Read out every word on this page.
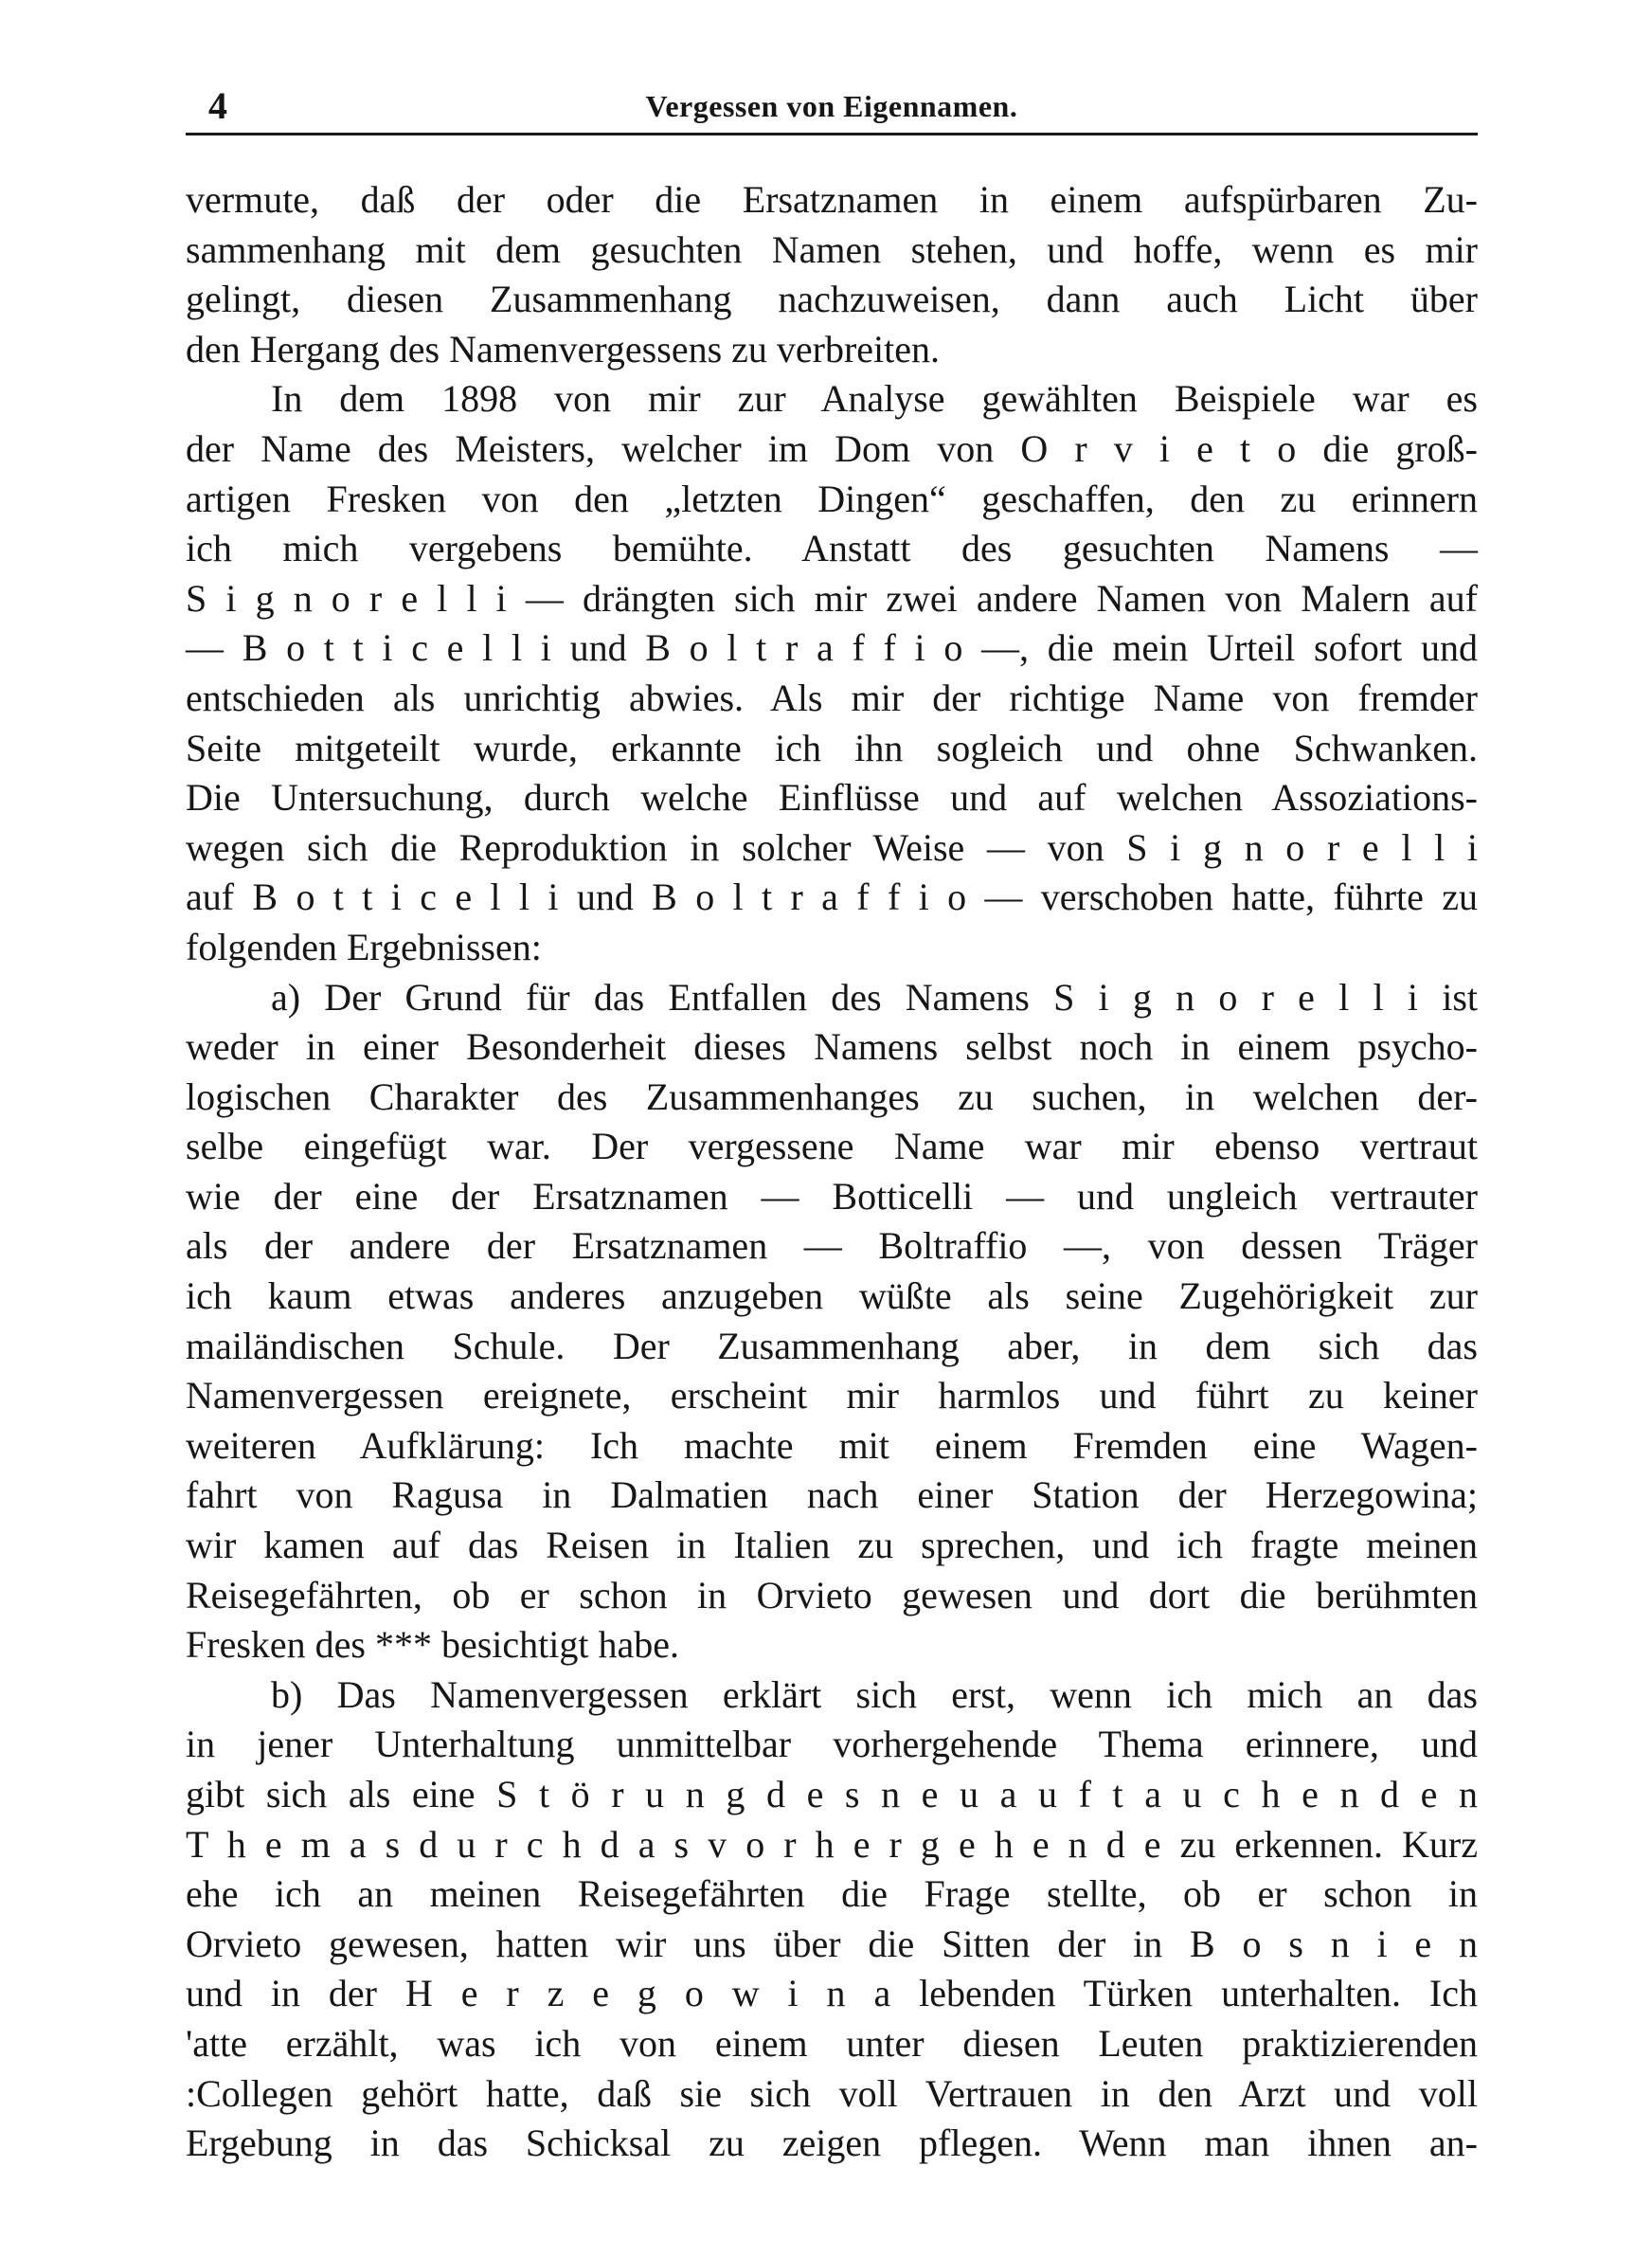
4	Vergessen von Eigennamen.
vermute, daß der oder die Ersatznamen in einem aufspürbaren Zu-
sammenhang mit dem gesuchten Namen stehen, und hoffe, wenn es mir
gelingt, diesen Zusammenhang nachzuweisen, dann auch Licht über
den Hergang des Namenvergessens zu verbreiten.
In dem 1898 von mir zur Analyse gewählten Beispiele war es
der Name des Meisters, welcher im Dom von O r v i e t o die groß-
artigen Fresken von den „letzten Dingen“ geschaffen, den zu erinnern
ich mich vergebens bemühte. Anstatt des gesuchten Namens —
S i g n o r e l l i — drängten sich mir zwei andere Namen von Malern auf
— B o t t i c e l l i und B o l t r a f f i o —, die mein Urteil sofort und
entschieden als unrichtig abwies. Als mir der richtige Name von fremder
Seite mitgeteilt wurde, erkannte ich ihn sogleich und ohne Schwanken.
Die Untersuchung, durch welche Einflüsse und auf welchen Assoziations-
wegen sich die Reproduktion in solcher Weise — von S i g n o r e l l i
auf B o t t i c e l l i und B o l t r a f f i o — verschoben hatte, führte zu
folgenden Ergebnissen:
a) Der Grund für das Entfallen des Namens S i g n o r e l l i ist
weder in einer Besonderheit dieses Namens selbst noch in einem psycho-
logischen Charakter des Zusammenhanges zu suchen, in welchen der-
selbe eingefügt war. Der vergessene Name war mir ebenso vertraut
wie der eine der Ersatznamen — Botticelli — und ungleich vertrauter
als der andere der Ersatznamen — Boltraffio —, von dessen Träger
ich kaum etwas anderes anzugeben wüßte als seine Zugehörigkeit zur
mailändischen Schule. Der Zusammenhang aber, in dem sich das
Namenvergessen ereignete, erscheint mir harmlos und führt zu keiner
weiteren Aufklärung: Ich machte mit einem Fremden eine Wagen-
fahrt von Ragusa in Dalmatien nach einer Station der Herzegowina;
wir kamen auf das Reisen in Italien zu sprechen, und ich fragte meinen
Reisegefährten, ob er schon in Orvieto gewesen und dort die berühmten
Fresken des *** besichtigt habe.
b) Das Namenvergessen erklärt sich erst, wenn ich mich an das
in jener Unterhaltung unmittelbar vorhergehende Thema erinnere, und
gibt sich als eine S t ö r u n g d e s n e u a u f t a u c h e n d e n
T h e m a s d u r c h d a s v o r h e r g e h e n d e zu erkennen. Kurz
ehe ich an meinen Reisegefährten die Frage stellte, ob er schon in
Orvieto gewesen, hatten wir uns über die Sitten der in B o s n i e n
und in der H e r z e g o w i n a lebenden Türken unterhalten. Ich
'atte erzählt, was ich von einem unter diesen Leuten praktizierenden
:Collegen gehört hatte, daß sie sich voll Vertrauen in den Arzt und voll
Ergebung in das Schicksal zu zeigen pflegen. Wenn man ihnen an-
